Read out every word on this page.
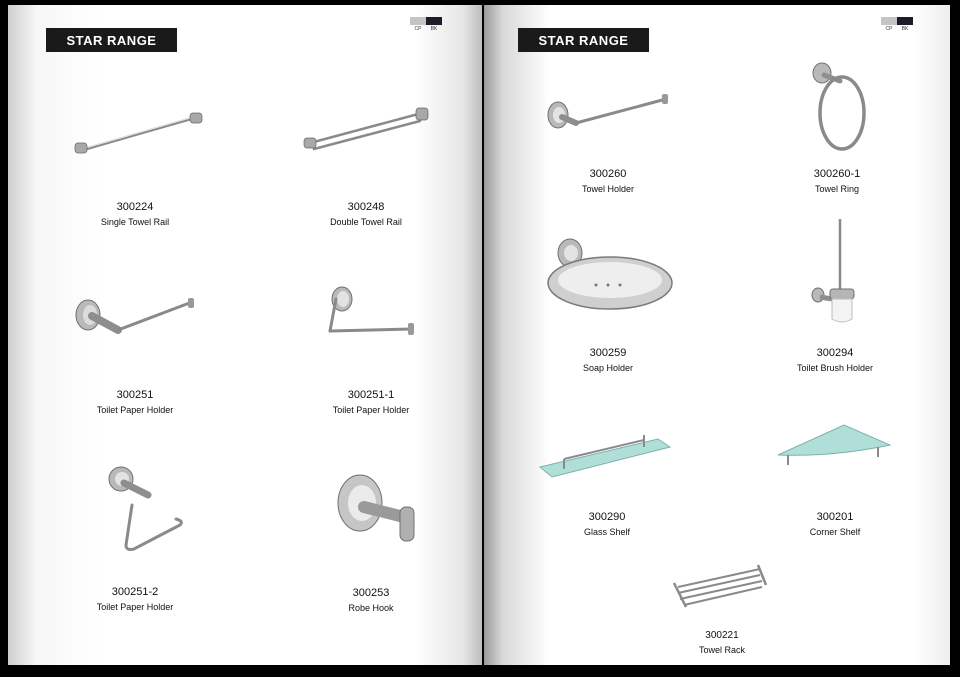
STAR RANGE
CP	BK
300224
Single Towel Rail
300248
Double Towel Rail
300251
Toilet Paper Holder
300251-1
Toilet Paper Holder
300251-2
Toilet Paper Holder
300253
Robe Hook
STAR RANGE
CP	BK
300260
Towel Holder
300260-1
Towel Ring
300259
Soap Holder
300294
Toilet Brush Holder
300290
Glass Shelf
300201
Corner Shelf
300221
Towel Rack
